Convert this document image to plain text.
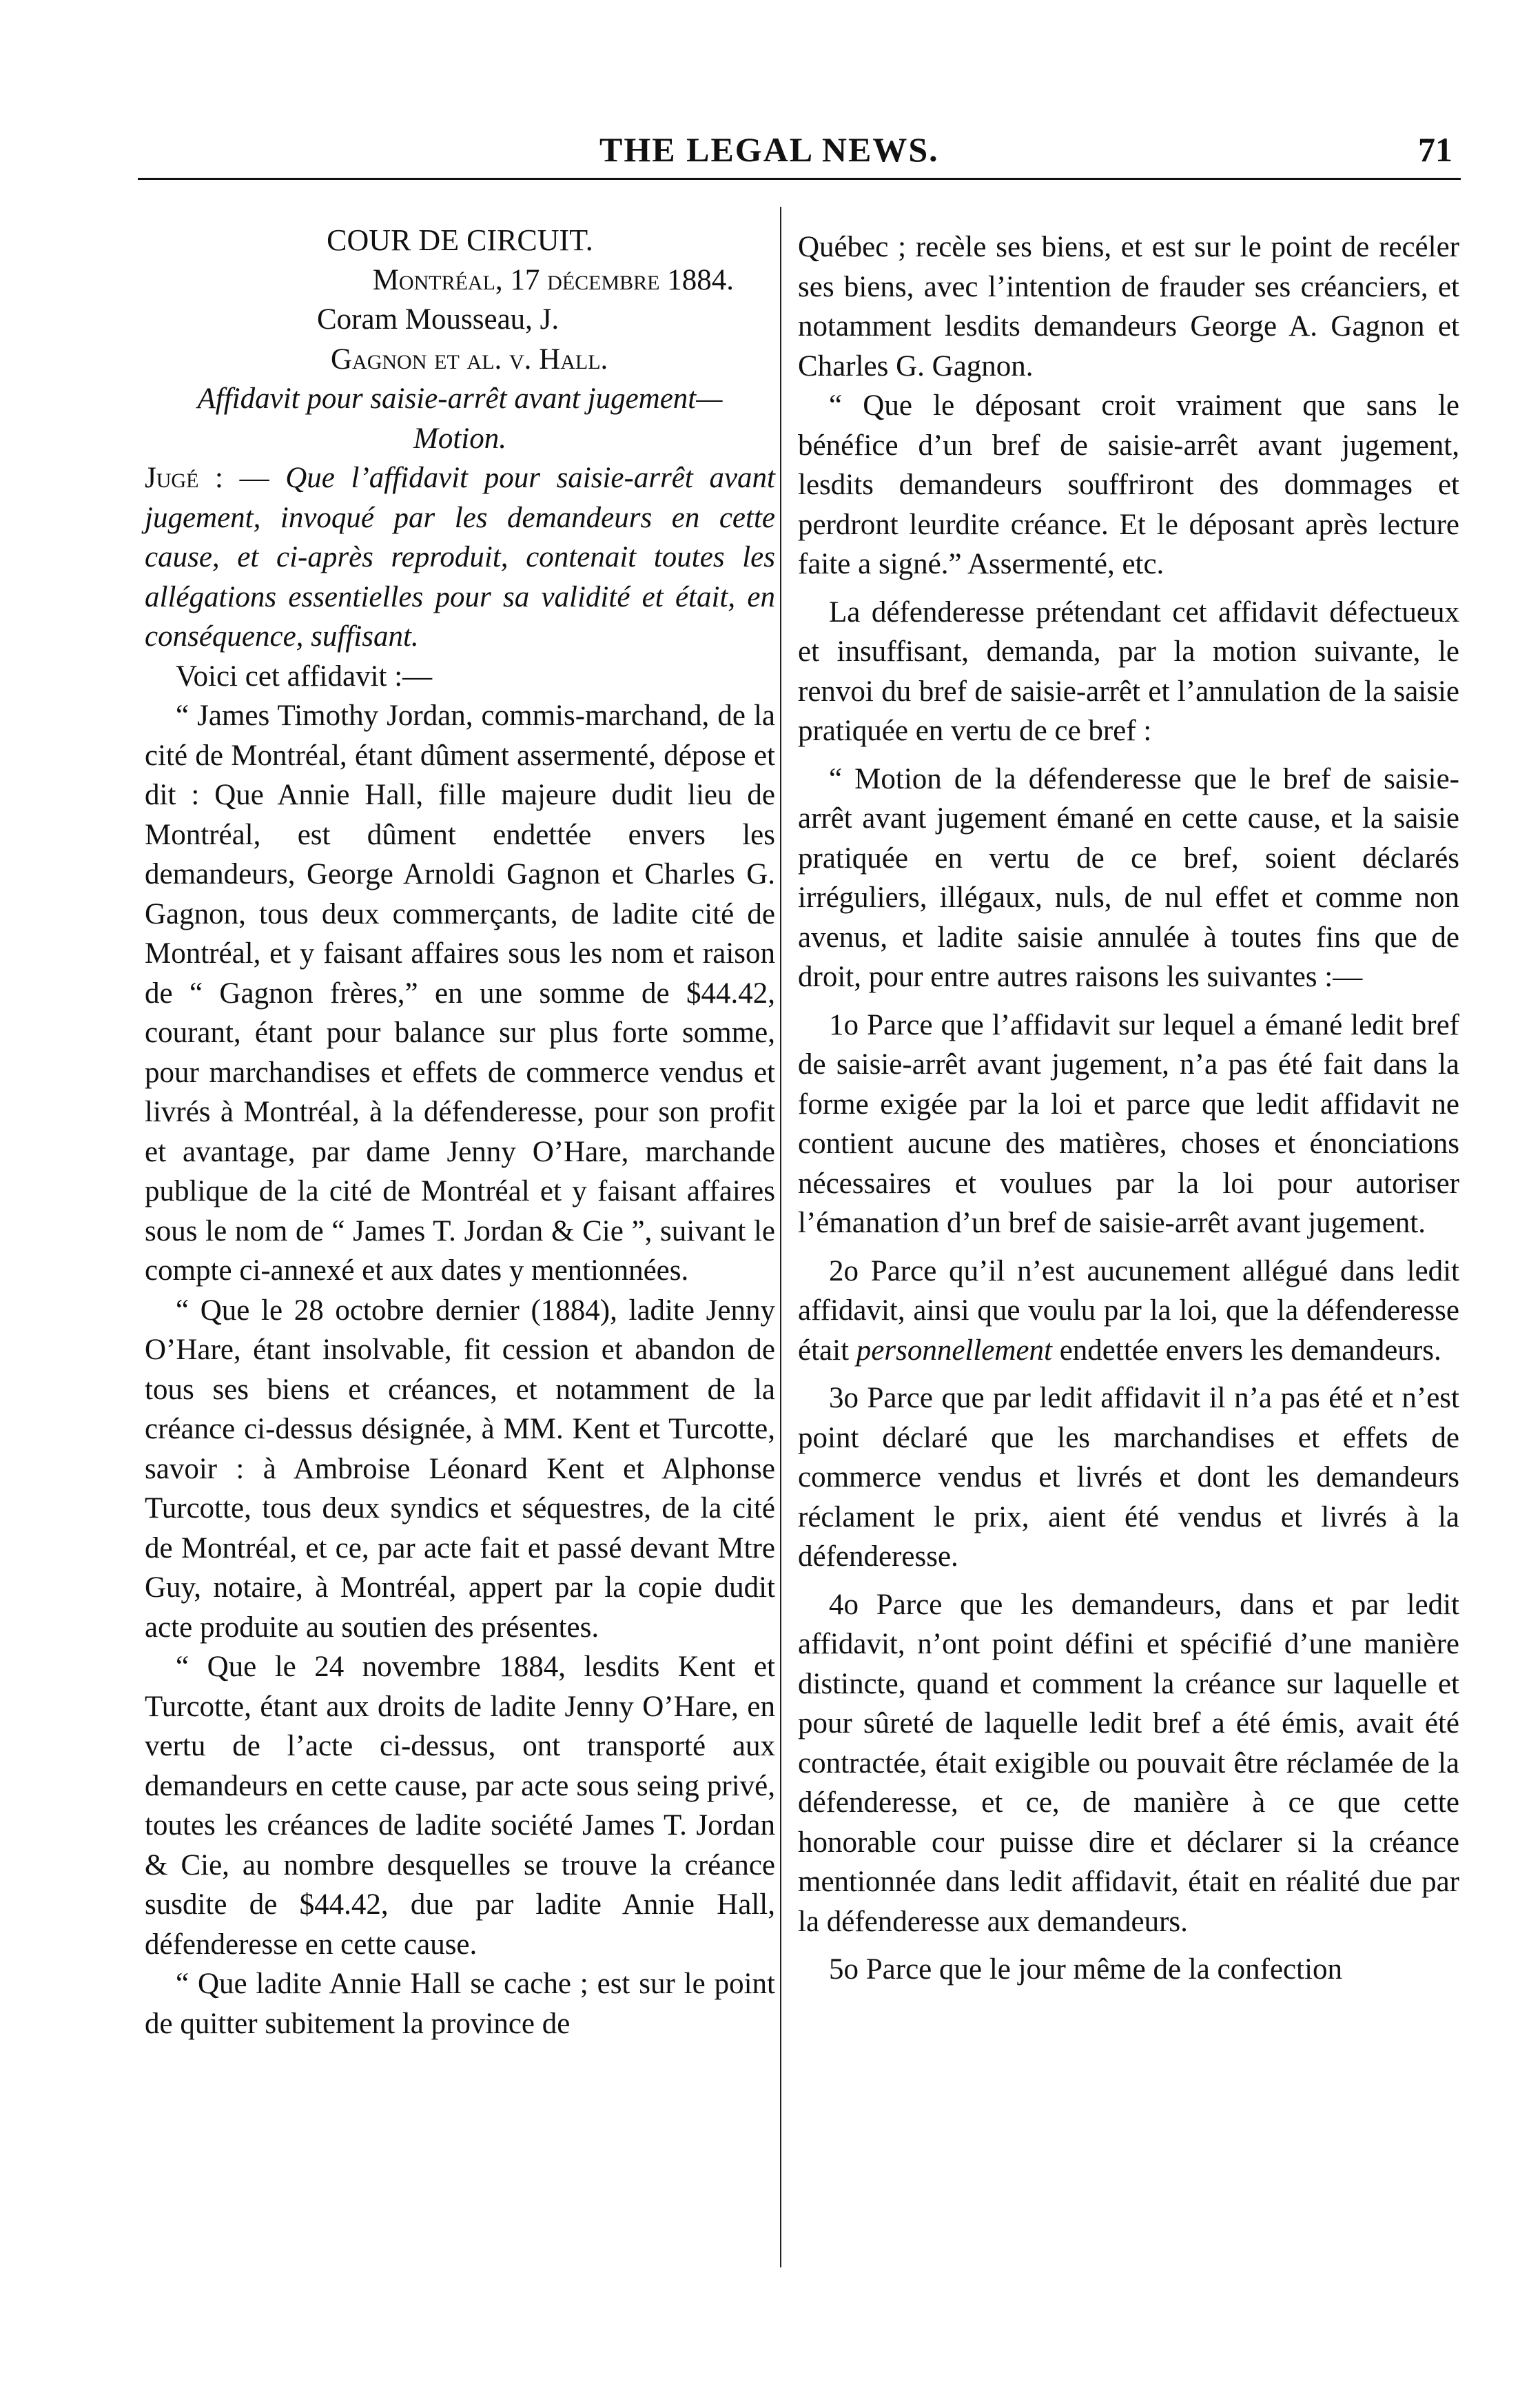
THE LEGAL NEWS.	71

COUR DE CIRCUIT.

Montréal, 17 décembre 1884.

Coram Mousseau, J.

Gagnon et al. v. Hall.

Affidavit pour saisie-arrêt avant jugement—Motion.

Jugé : — Que l’affidavit pour saisie-arrêt avant jugement, invoqué par les demandeurs en cette cause, et ci-après reproduit, contenait toutes les allégations essentielles pour sa validité et était, en conséquence, suffisant.

Voici cet affidavit :—

“ James Timothy Jordan, commis-marchand, de la cité de Montréal, étant dûment assermenté, dépose et dit : Que Annie Hall, fille majeure dudit lieu de Montréal, est dûment endettée envers les demandeurs, George Arnoldi Gagnon et Charles G. Gagnon, tous deux commerçants, de ladite cité de Montréal, et y faisant affaires sous les nom et raison de “ Gagnon frères,” en une somme de $44.42, courant, étant pour balance sur plus forte somme, pour marchandises et effets de commerce vendus et livrés à Montréal, à la défenderesse, pour son profit et avantage, par dame Jenny O’Hare, marchande publique de la cité de Montréal et y faisant affaires sous le nom de “ James T. Jordan & Cie ”, suivant le compte ci-annexé et aux dates y mentionnées.

“ Que le 28 octobre dernier (1884), ladite Jenny O’Hare, étant insolvable, fit cession et abandon de tous ses biens et créances, et notamment de la créance ci-dessus désignée, à MM. Kent et Turcotte, savoir : à Ambroise Léonard Kent et Alphonse Turcotte, tous deux syndics et séquestres, de la cité de Montréal, et ce, par acte fait et passé devant Mtre Guy, notaire, à Montréal, appert par la copie dudit acte produite au soutien des présentes.

“ Que le 24 novembre 1884, lesdits Kent et Turcotte, étant aux droits de ladite Jenny O’Hare, en vertu de l’acte ci-dessus, ont transporté aux demandeurs en cette cause, par acte sous seing privé, toutes les créances de ladite société James T. Jordan & Cie, au nombre desquelles se trouve la créance susdite de $44.42, due par ladite Annie Hall, défenderesse en cette cause.

“ Que ladite Annie Hall se cache ; est sur le point de quitter subitement la province de

Québec ; recèle ses biens, et est sur le point de recéler ses biens, avec l’intention de frauder ses créanciers, et notamment lesdits demandeurs George A. Gagnon et Charles G. Gagnon.

“ Que le déposant croit vraiment que sans le bénéfice d’un bref de saisie-arrêt avant jugement, lesdits demandeurs souffriront des dommages et perdront leurdite créance. Et le déposant après lecture faite a signé.” Assermenté, etc.

La défenderesse prétendant cet affidavit défectueux et insuffisant, demanda, par la motion suivante, le renvoi du bref de saisie-arrêt et l’annulation de la saisie pratiquée en vertu de ce bref :

“ Motion de la défenderesse que le bref de saisie-arrêt avant jugement émané en cette cause, et la saisie pratiquée en vertu de ce bref, soient déclarés irréguliers, illégaux, nuls, de nul effet et comme non avenus, et ladite saisie annulée à toutes fins que de droit, pour entre autres raisons les suivantes :—

1o Parce que l’affidavit sur lequel a émané ledit bref de saisie-arrêt avant jugement, n’a pas été fait dans la forme exigée par la loi et parce que ledit affidavit ne contient aucune des matières, choses et énonciations nécessaires et voulues par la loi pour autoriser l’émanation d’un bref de saisie-arrêt avant jugement.

2o Parce qu’il n’est aucunement allégué dans ledit affidavit, ainsi que voulu par la loi, que la défenderesse était personnellement endettée envers les demandeurs.

3o Parce que par ledit affidavit il n’a pas été et n’est point déclaré que les marchandises et effets de commerce vendus et livrés et dont les demandeurs réclament le prix, aient été vendus et livrés à la défenderesse.

4o Parce que les demandeurs, dans et par ledit affidavit, n’ont point défini et spécifié d’une manière distincte, quand et comment la créance sur laquelle et pour sûreté de laquelle ledit bref a été émis, avait été contractée, était exigible ou pouvait être réclamée de la défenderesse, et ce, de manière à ce que cette honorable cour puisse dire et déclarer si la créance mentionnée dans ledit affidavit, était en réalité due par la défenderesse aux demandeurs.

5o Parce que le jour même de la confection
